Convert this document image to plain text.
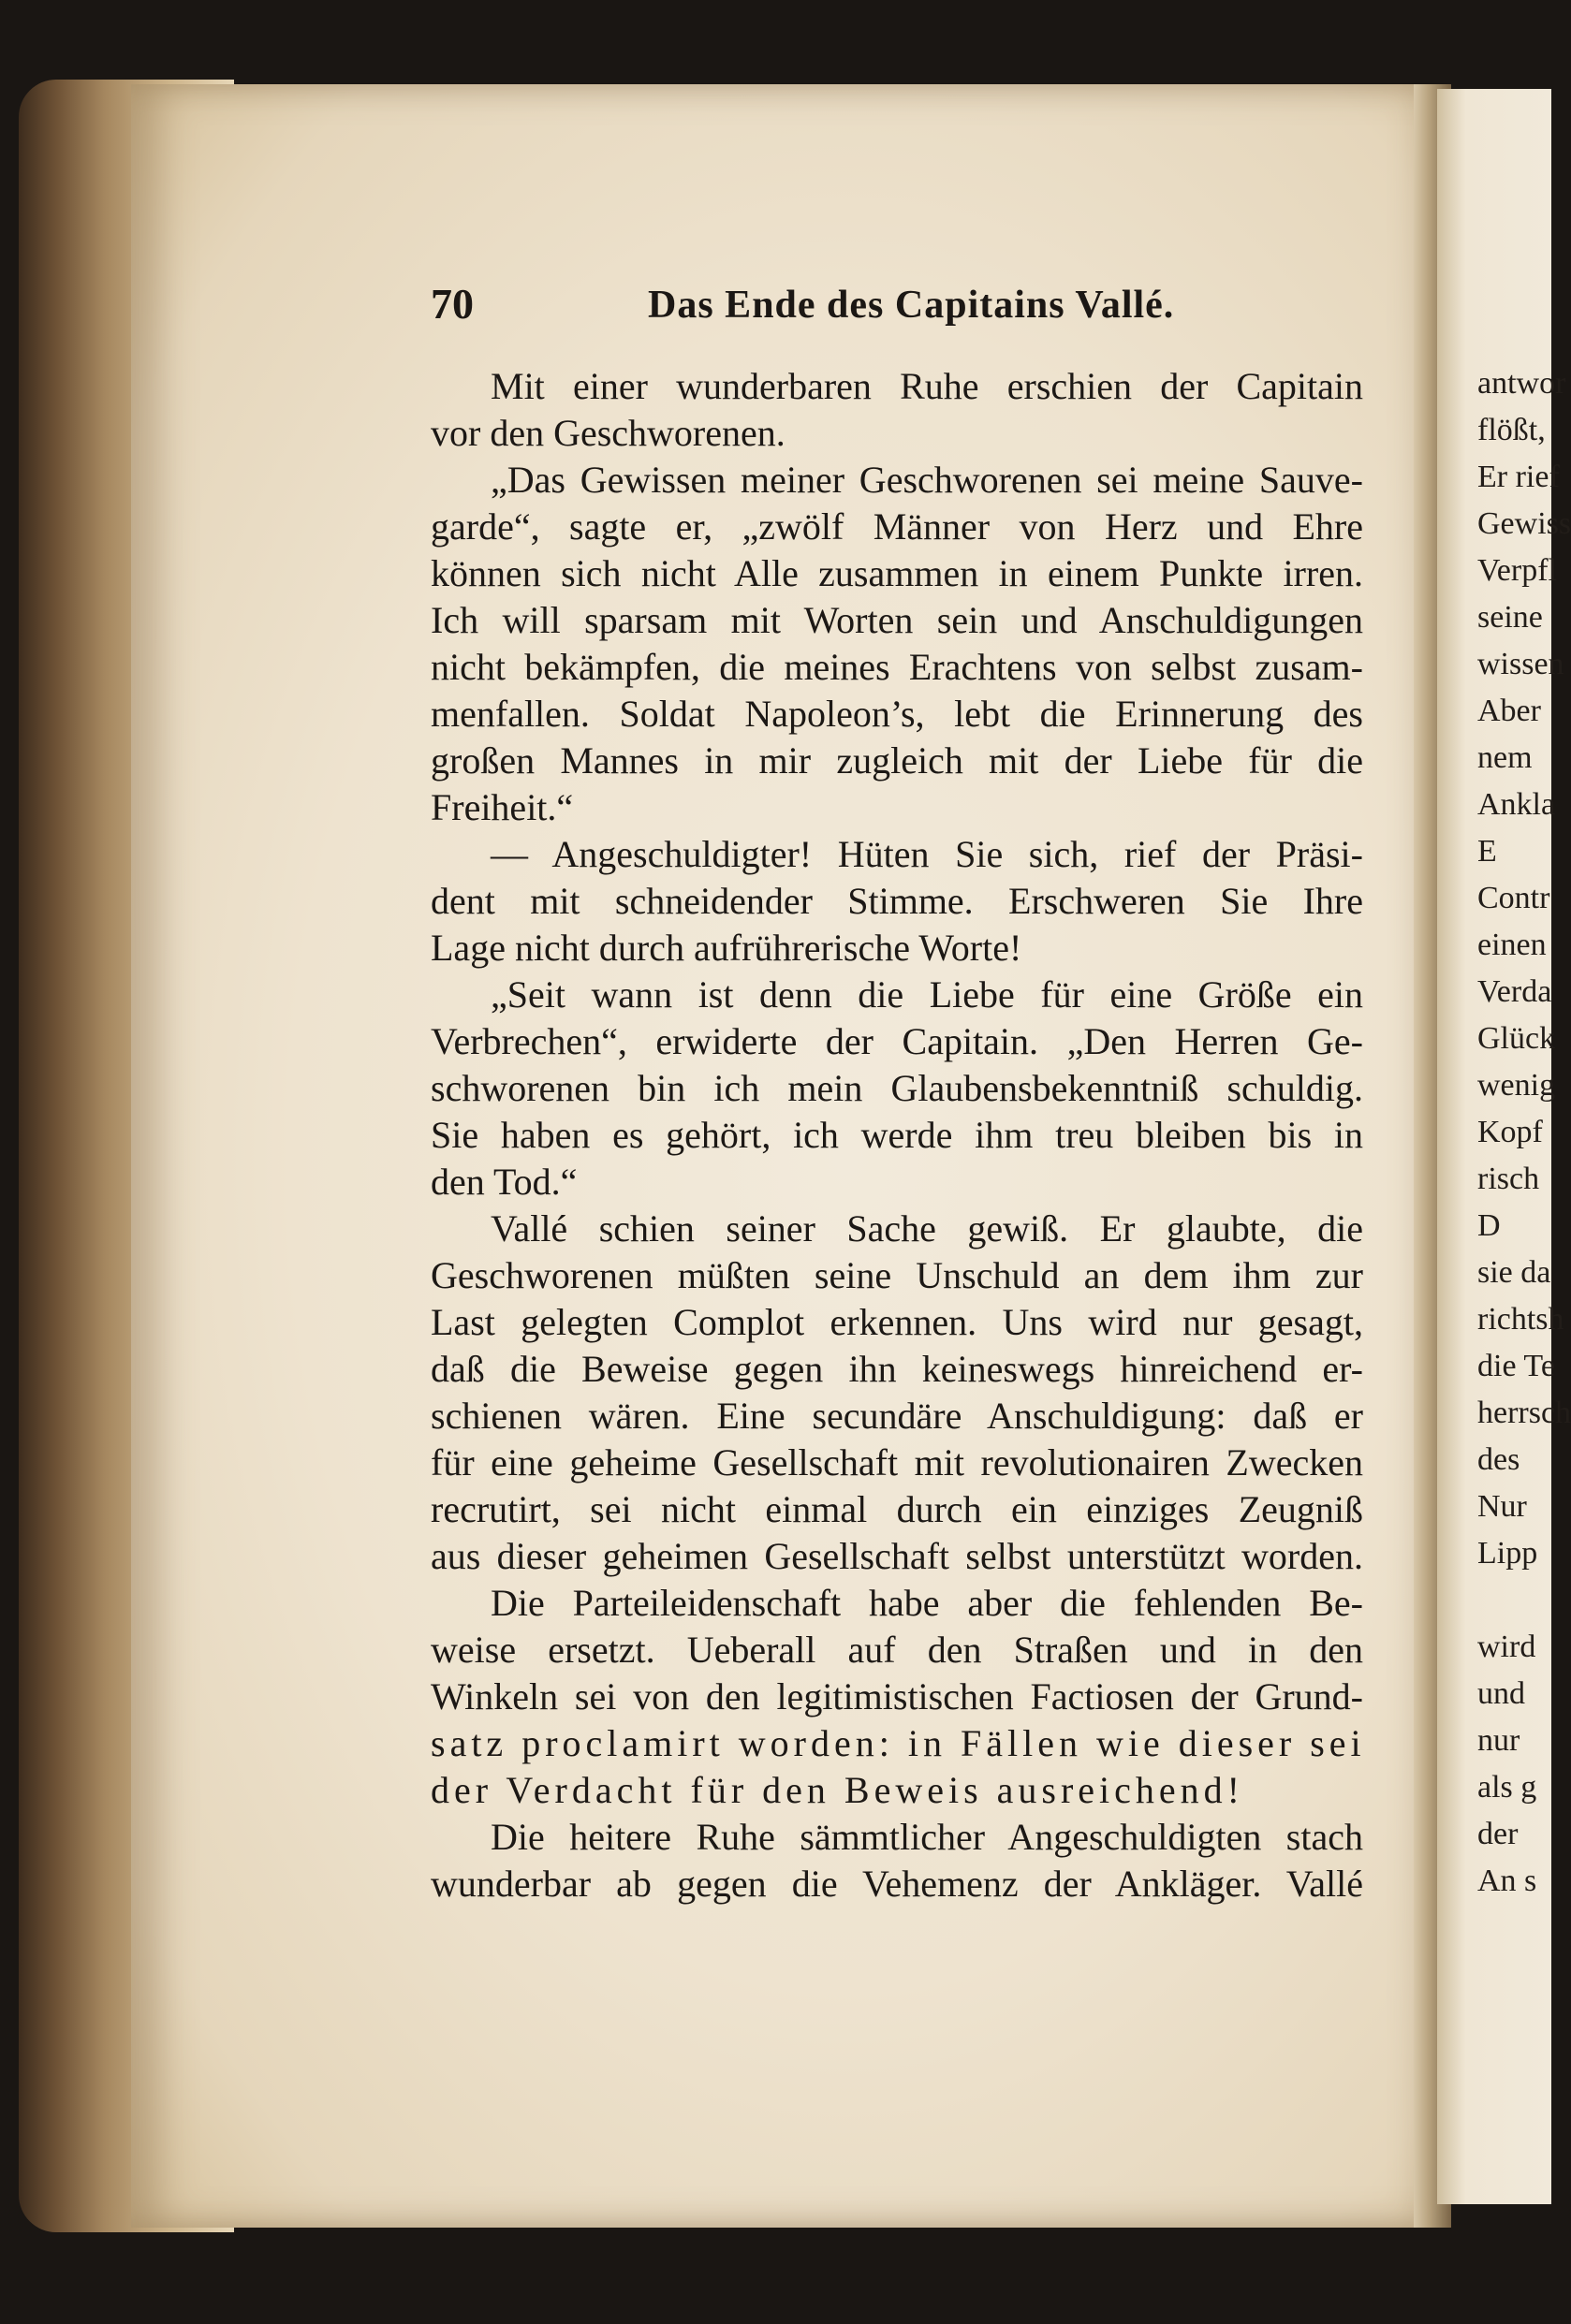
70	Das Ende des Capitains Vallé.
Mit einer wunderbaren Ruhe erschien der Capitain
vor den Geschworenen.
„Das Gewissen meiner Geschworenen sei meine Sauve-
garde“, sagte er, „zwölf Männer von Herz und Ehre
können sich nicht Alle zusammen in einem Punkte irren.
Ich will sparsam mit Worten sein und Anschuldigungen
nicht bekämpfen, die meines Erachtens von selbst zusam-
menfallen. Soldat Napoleon’s, lebt die Erinnerung des
großen Mannes in mir zugleich mit der Liebe für die
Freiheit.“
— Angeschuldigter! Hüten Sie sich, rief der Präsi-
dent mit schneidender Stimme. Erschweren Sie Ihre
Lage nicht durch aufrührerische Worte!
„Seit wann ist denn die Liebe für eine Größe ein
Verbrechen“, erwiderte der Capitain. „Den Herren Ge-
schworenen bin ich mein Glaubensbekenntniß schuldig.
Sie haben es gehört, ich werde ihm treu bleiben bis in
den Tod.“
Vallé schien seiner Sache gewiß. Er glaubte, die
Geschworenen müßten seine Unschuld an dem ihm zur
Last gelegten Complot erkennen. Uns wird nur gesagt,
daß die Beweise gegen ihn keineswegs hinreichend er-
schienen wären. Eine secundäre Anschuldigung: daß er
für eine geheime Gesellschaft mit revolutionairen Zwecken
recrutirt, sei nicht einmal durch ein einziges Zeugniß
aus dieser geheimen Gesellschaft selbst unterstützt worden.
Die Parteileidenschaft habe aber die fehlenden Be-
weise ersetzt. Ueberall auf den Straßen und in den
Winkeln sei von den legitimistischen Factiosen der Grund-
satz proclamirt worden: in Fällen wie dieser sei
der Verdacht für den Beweis ausreichend!
Die heitere Ruhe sämmtlicher Angeschuldigten stach
wunderbar ab gegen die Vehemenz der Ankläger. Vallé
antwor
flößt,
Er rief
Gewiss
Verpfl
seine
wissen
Aber
nem
Ankla
E
Contr
einen
Verda
Glück
wenig
Kopf
risch
D
sie da
richtsh
die Te
herrsch
des
Nur
Lipp
wird
und
nur
als g
der
An s
